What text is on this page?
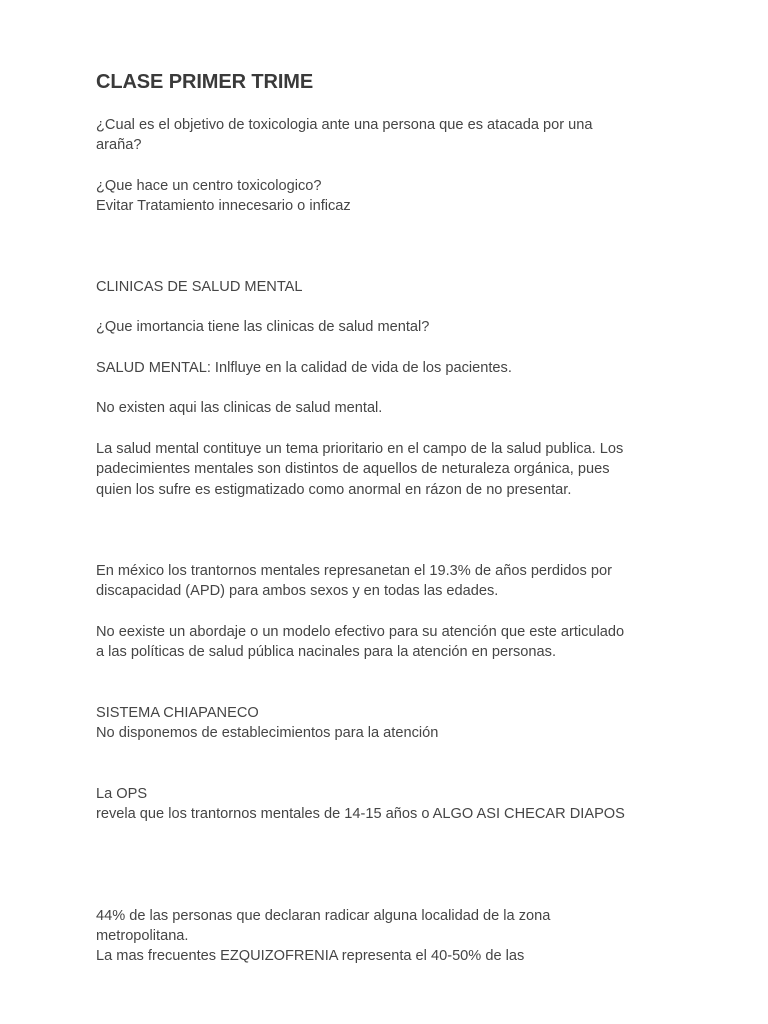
CLASE PRIMER TRIME

¿Cual es el objetivo de toxicologia ante una persona que es atacada por una

araña?

¿Que hace un centro toxicologico?

Evitar Tratamiento innecesario o inficaz

CLINICAS DE SALUD MENTAL

¿Que imortancia tiene las clinicas de salud mental?

SALUD MENTAL: Inlfluye en la calidad de vida de los pacientes.

No existen aqui las clinicas de salud mental.

La salud mental contituye un tema prioritario en el campo de la salud publica. Los

padecimientes mentales son distintos de aquellos de neturaleza orgánica, pues

quien los sufre es estigmatizado como anormal en rázon de no presentar.

En méxico los trantornos mentales represanetan el 19.3% de años perdidos por

discapacidad (APD) para ambos sexos y en todas las edades.

No eexiste un abordaje o un modelo efectivo para su atención que este articulado

a las políticas de salud pública nacinales para la atención en personas.

SISTEMA CHIAPANECO

No disponemos de establecimientos para la atención

La OPS

revela que los trantornos mentales de 14-15 años o ALGO ASI CHECAR DIAPOS

44% de las personas que declaran radicar alguna localidad de la zona

metropolitana.

La mas frecuentes EZQUIZOFRENIA representa el 40-50% de las
